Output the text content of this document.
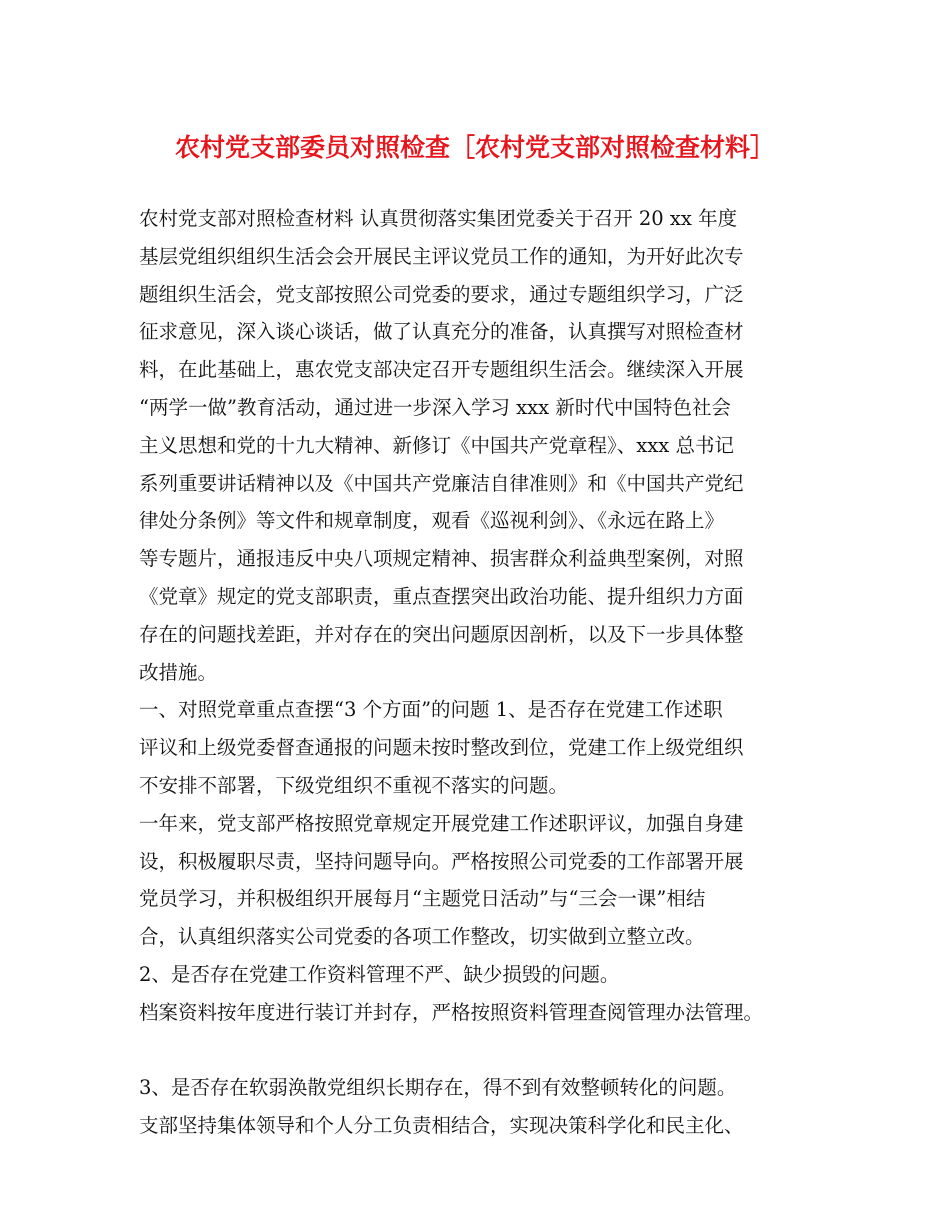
农村党支部委员对照检查［农村党支部对照检查材料］
农村党支部对照检查材料 认真贯彻落实集团党委关于召开 20 xx 年度
基层党组织组织生活会会开展民主评议党员工作的通知，为开好此次专
题组织生活会，党支部按照公司党委的要求，通过专题组织学习，广泛
征求意见，深入谈心谈话，做了认真充分的准备，认真撰写对照检查材
料，在此基础上，惠农党支部决定召开专题组织生活会。继续深入开展
“两学一做”教育活动，通过进一步深入学习 xxx 新时代中国特色社会
主义思想和党的十九大精神、新修订《中国共产党章程》、xxx 总书记
系列重要讲话精神以及《中国共产党廉洁自律准则》和《中国共产党纪
律处分条例》等文件和规章制度，观看《巡视利剑》、《永远在路上》
等专题片，通报违反中央八项规定精神、损害群众利益典型案例，对照
《党章》规定的党支部职责，重点查摆突出政治功能、提升组织力方面
存在的问题找差距，并对存在的突出问题原因剖析，以及下一步具体整
改措施。
一、对照党章重点查摆“3 个方面”的问题 1、是否存在党建工作述职
评议和上级党委督查通报的问题未按时整改到位，党建工作上级党组织
不安排不部署，下级党组织不重视不落实的问题。
一年来，党支部严格按照党章规定开展党建工作述职评议，加强自身建
设，积极履职尽责，坚持问题导向。严格按照公司党委的工作部署开展
党员学习，并积极组织开展每月“主题党日活动”与“三会一课”相结
合，认真组织落实公司党委的各项工作整改，切实做到立整立改。
2、是否存在党建工作资料管理不严、缺少损毁的问题。
档案资料按年度进行装订并封存，严格按照资料管理查阅管理办法管理。
3、是否存在软弱涣散党组织长期存在，得不到有效整顿转化的问题。
支部坚持集体领导和个人分工负责相结合，实现决策科学化和民主化、
